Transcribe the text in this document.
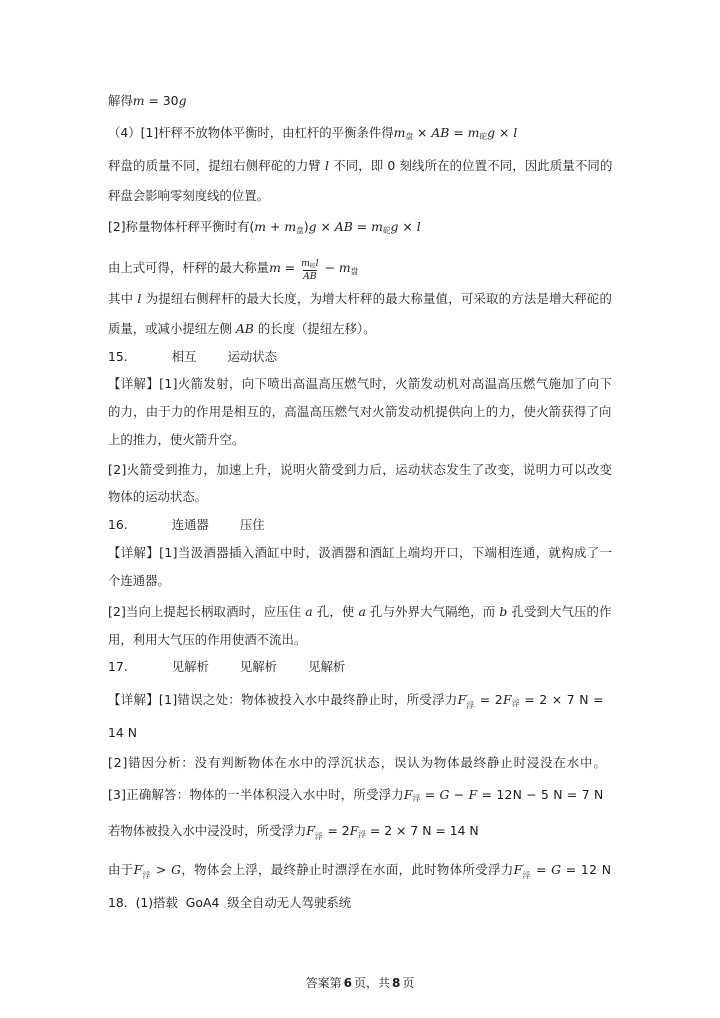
解得m = 30g
（4）[1]杆秤不放物体平衡时，由杠杆的平衡条件得$m_盘$ × AB = $m_砣g \times l$
秤盘的质量不同，提纽右侧秤砣的力臂 l 不同，即 0 刻线所在的位置不同，因此质量不同的
秤盘会影响零刻度线的位置。
[2]称量物体杆秤平衡时有$(m + m_盘)g$ × AB = $m_砣g \times l$
由上式可得，杆秤的最大称量$m = \frac{m_砣l}{AB} - m_盘$
其中 l 为提纽右侧秤杆的最大长度，为增大杆秤的最大称量值，可采取的方法是增大秤砣的
质量，或减小提纽左侧 AB 的长度（提纽左移）。
15.	相互	运动状态
【详解】[1]火箭发射，向下喷出高温高压燃气时，火箭发动机对高温高压燃气施加了向下
的力，由于力的作用是相互的，高温高压燃气对火箭发动机提供向上的力，使火箭获得了向
上的推力，使火箭升空。
[2]火箭受到推力，加速上升，说明火箭受到力后，运动状态发生了改变，说明力可以改变
物体的运动状态。
16.	连通器	压住
【详解】[1]当汲酒器插入酒缸中时，汲酒器和酒缸上端均开口，下端相连通，就构成了一
个连通器。
[2]当向上提起长柄取酒时，应压住 a 孔，使 a 孔与外界大气隔绝，而 b 孔受到大气压的作
用，利用大气压的作用使酒不流出。
17.	见解析	见解析	见解析
【详解】[1]错误之处：物体被投入水中最终静止时，所受浮力F ′
浮 = $2F_浮 = 2 \times 7$ N =
14 N
[2]错因分析：没有判断物体在水中的浮沉状态，误认为物体最终静止时浸没在水中。
[3]正确解答：物体的一半体积浸入水中时，所受浮力$F_浮 = G - F = 12N - 5$ N = 7 N
若物体被投入水中浸没时，所受浮力F ′
浮 = $2F_浮 = 2 \times 7$ N = 14 N
由于F ′
浮 > G，物体会上浮，最终静止时漂浮在水面，此时物体所受浮力F ′
浮 = G = 12 N
18.  (1)搭载  GoA4  级全自动无人驾驶系统
答案第 6 页，共 8 页
